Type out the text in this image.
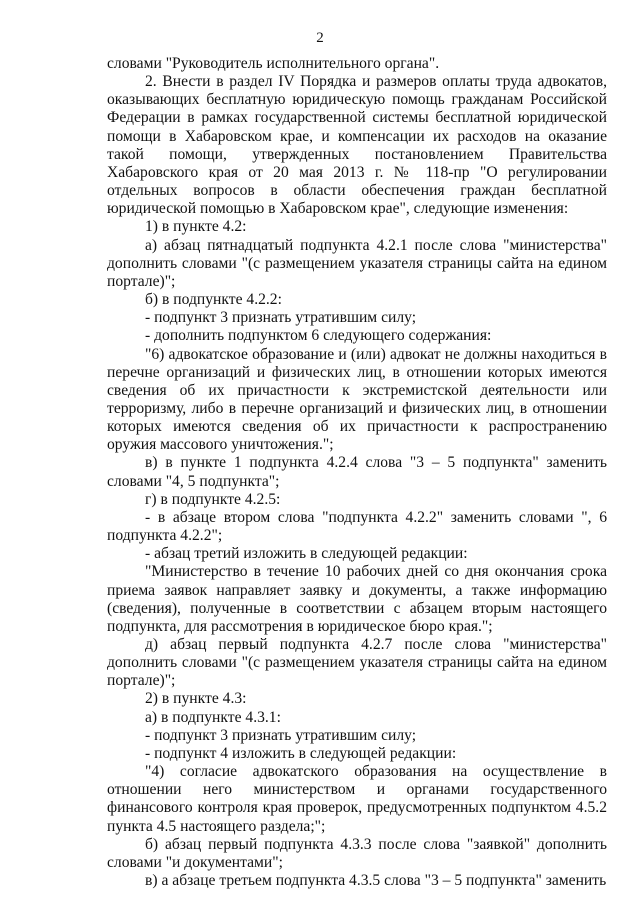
2

словами "Руководитель исполнительного органа".

2. Внести в раздел IV Порядка и размеров оплаты труда адвокатов, оказывающих бесплатную юридическую помощь гражданам Российской Федерации в рамках государственной системы бесплатной юридической помощи в Хабаровском крае, и компенсации их расходов на оказание такой помощи, утвержденных постановлением Правительства Хабаровского края от 20 мая 2013 г. № 118-пр "О регулировании отдельных вопросов в области обеспечения граждан бесплатной юридической помощью в Хабаровском крае", следующие изменения:

1) в пункте 4.2:

а) абзац пятнадцатый подпункта 4.2.1 после слова "министерства" дополнить словами "(с размещением указателя страницы сайта на едином портале)";

б) в подпункте 4.2.2:

- подпункт 3 признать утратившим силу;

- дополнить подпунктом 6 следующего содержания:

"6) адвокатское образование и (или) адвокат не должны находиться в перечне организаций и физических лиц, в отношении которых имеются сведения об их причастности к экстремистской деятельности или терроризму, либо в перечне организаций и физических лиц, в отношении которых имеются сведения об их причастности к распространению оружия массового уничтожения.";

в) в пункте 1 подпункта 4.2.4 слова "3 – 5 подпункта" заменить словами "4, 5 подпункта";

г) в подпункте 4.2.5:

- в абзаце втором слова "подпункта 4.2.2" заменить словами ", 6 подпункта 4.2.2";

- абзац третий изложить в следующей редакции:

"Министерство в течение 10 рабочих дней со дня окончания срока приема заявок направляет заявку и документы, а также информацию (сведения), полученные в соответствии с абзацем вторым настоящего подпункта, для рассмотрения в юридическое бюро края.";

д) абзац первый подпункта 4.2.7 после слова "министерства" дополнить словами "(с размещением указателя страницы сайта на едином портале)";

2) в пункте 4.3:

а) в подпункте 4.3.1:

- подпункт 3 признать утратившим силу;

- подпункт 4 изложить в следующей редакции:

"4) согласие адвокатского образования на осуществление в отношении него министерством и органами государственного финансового контроля края проверок, предусмотренных подпунктом 4.5.2 пункта 4.5 настоящего раздела;";

б) абзац первый подпункта 4.3.3 после слова "заявкой" дополнить словами "и документами";

в) а абзаце третьем подпункта 4.3.5 слова "3 – 5 подпункта" заменить
